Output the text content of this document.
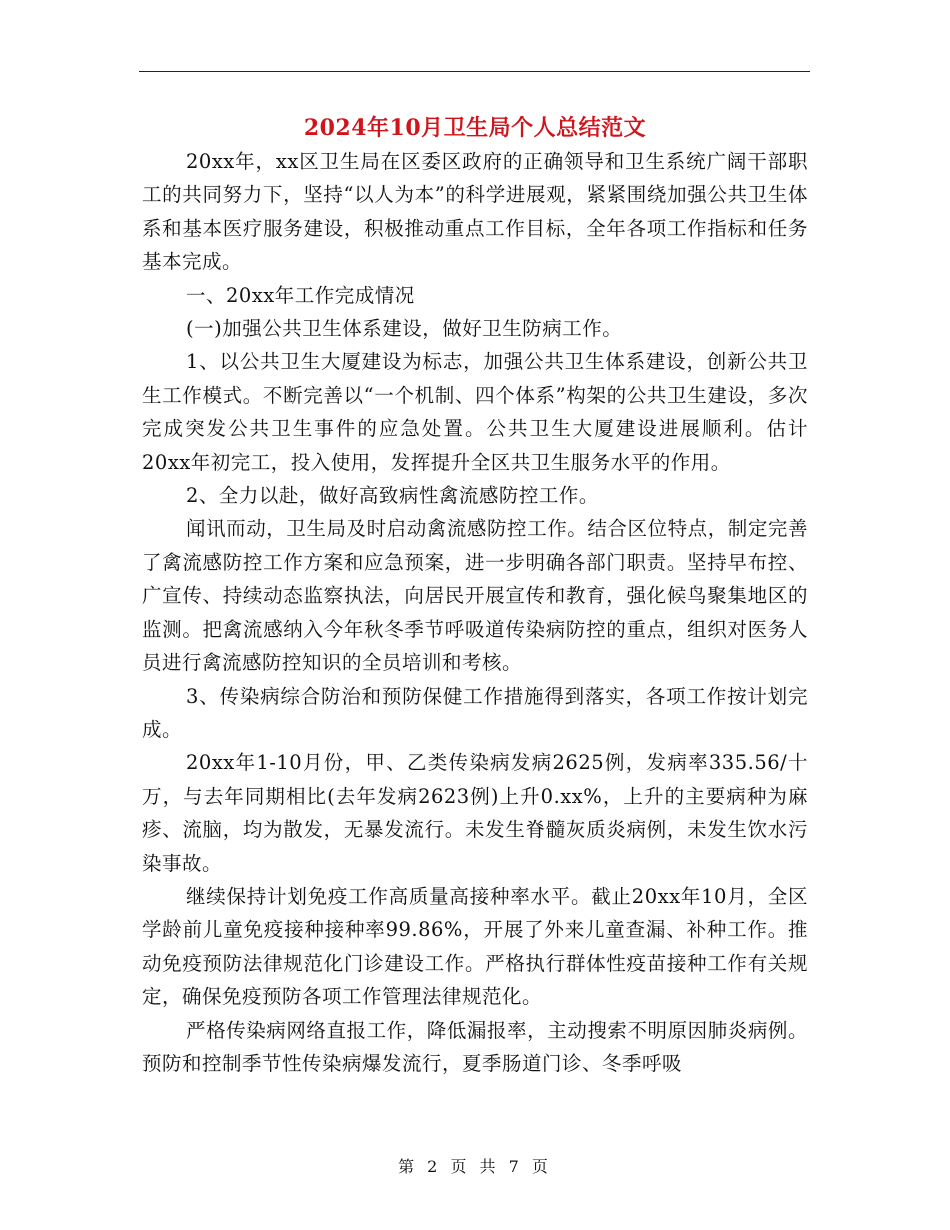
2024年10月卫生局个人总结范文

20xx年，xx区卫生局在区委区政府的正确领导和卫生系统广阔干部职工的共同努力下，坚持“以人为本”的科学进展观，紧紧围绕加强公共卫生体系和基本医疗服务建设，积极推动重点工作目标，全年各项工作指标和任务基本完成。

一、20xx年工作完成情况

(一)加强公共卫生体系建设，做好卫生防病工作。

1、以公共卫生大厦建设为标志，加强公共卫生体系建设，创新公共卫生工作模式。不断完善以“一个机制、四个体系”构架的公共卫生建设，多次完成突发公共卫生事件的应急处置。公共卫生大厦建设进展顺利。估计20xx年初完工，投入使用，发挥提升全区共卫生服务水平的作用。

2、全力以赴，做好高致病性禽流感防控工作。

闻讯而动，卫生局及时启动禽流感防控工作。结合区位特点，制定完善了禽流感防控工作方案和应急预案，进一步明确各部门职责。坚持早布控、广宣传、持续动态监察执法，向居民开展宣传和教育，强化候鸟聚集地区的监测。把禽流感纳入今年秋冬季节呼吸道传染病防控的重点，组织对医务人员进行禽流感防控知识的全员培训和考核。

3、传染病综合防治和预防保健工作措施得到落实，各项工作按计划完成。

20xx年1-10月份，甲、乙类传染病发病2625例，发病率335.56/十万，与去年同期相比(去年发病2623例)上升0.xx%，上升的主要病种为麻疹、流脑，均为散发，无暴发流行。未发生脊髓灰质炎病例，未发生饮水污染事故。

继续保持计划免疫工作高质量高接种率水平。截止20xx年10月，全区学龄前儿童免疫接种接种率99.86%，开展了外来儿童查漏、补种工作。推动免疫预防法律规范化门诊建设工作。严格执行群体性疫苗接种工作有关规定，确保免疫预防各项工作管理法律规范化。

严格传染病网络直报工作，降低漏报率，主动搜索不明原因肺炎病例。预防和控制季节性传染病爆发流行，夏季肠道门诊、冬季呼吸

第 2 页 共 7 页
